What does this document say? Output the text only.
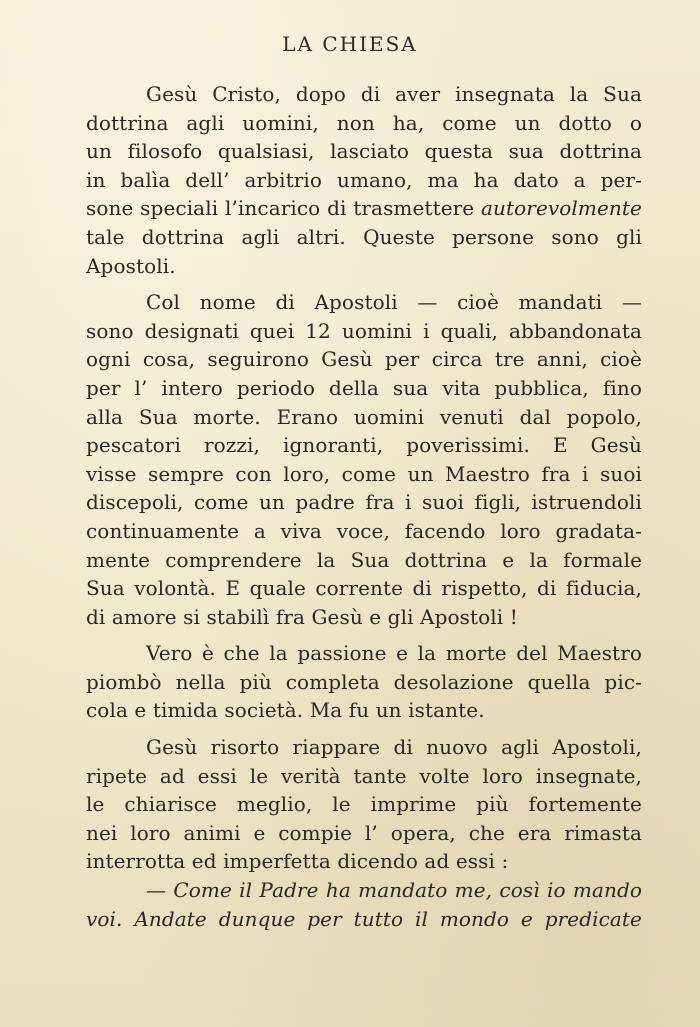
LA CHIESA
Gesù Cristo, dopo di aver insegnata la Sua
dottrina agli uomini, non ha, come un dotto o
un filosofo qualsiasi, lasciato questa sua dottrina
in balìa dell’ arbitrio umano, ma ha dato a per-
sone speciali l’incarico di trasmettere autorevolmente
tale dottrina agli altri. Queste persone sono gli
Apostoli.
Col nome di Apostoli — cioè mandati —
sono designati quei 12 uomini i quali, abbandonata
ogni cosa, seguirono Gesù per circa tre anni, cioè
per l’ intero periodo della sua vita pubblica, fino
alla Sua morte. Erano uomini venuti dal popolo,
pescatori rozzi, ignoranti, poverissimi. E Gesù
visse sempre con loro, come un Maestro fra i suoi
discepoli, come un padre fra i suoi figli, istruendoli
continuamente a viva voce, facendo loro gradata-
mente comprendere la Sua dottrina e la formale
Sua volontà. E quale corrente di rispetto, di fiducia,
di amore si stabilì fra Gesù e gli Apostoli !
Vero è che la passione e la morte del Maestro
piombò nella più completa desolazione quella pic-
cola e timida società. Ma fu un istante.
Gesù risorto riappare di nuovo agli Apostoli,
ripete ad essi le verità tante volte loro insegnate,
le chiarisce meglio, le imprime più fortemente
nei loro animi e compie l’ opera, che era rimasta
interrotta ed imperfetta dicendo ad essi :
— Come il Padre ha mandato me, così io mando
voi. Andate dunque per tutto il mondo e predicate
